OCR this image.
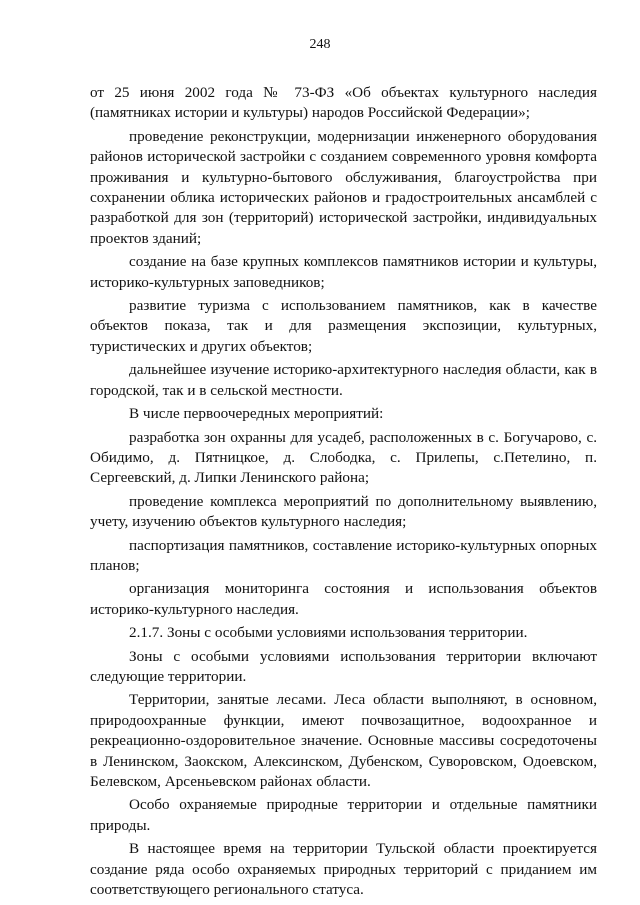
248

от 25 июня 2002 года № 73-ФЗ «Об объектах культурного наследия (памятниках истории и культуры) народов Российской Федерации»;

проведение реконструкции, модернизации инженерного оборудования районов исторической застройки с созданием современного уровня комфорта проживания и культурно-бытового обслуживания, благоустройства при сохранении облика исторических районов и градостроительных ансамблей с разработкой для зон (территорий) исторической застройки, индивидуальных проектов зданий;

создание на базе крупных комплексов памятников истории и культуры, историко-культурных заповедников;

развитие туризма с использованием памятников, как в качестве объектов показа, так и для размещения экспозиции, культурных, туристических и других объектов;

дальнейшее изучение историко-архитектурного наследия области, как в городской, так и в сельской местности.

В числе первоочередных мероприятий:

разработка зон охранны для усадеб, расположенных в с. Богучарово, с. Обидимо, д. Пятницкое, д. Слободка, с. Прилепы, с.Петелино, п. Сергеевский, д. Липки Ленинского района;

проведение комплекса мероприятий по дополнительному выявлению, учету, изучению объектов культурного наследия;

паспортизация памятников, составление историко-культурных опорных планов;

организация мониторинга состояния и использования объектов историко-культурного наследия.

2.1.7. Зоны с особыми условиями использования территории.

Зоны с особыми условиями использования территории включают следующие территории.

Территории, занятые лесами. Леса области выполняют, в основном, природоохранные функции, имеют почвозащитное, водоохранное и рекреационно-оздоровительное значение. Основные массивы сосредоточены в Ленинском, Заокском, Алексинском, Дубенском, Суворовском, Одоевском, Белевском, Арсеньевском районах области.

Особо охраняемые природные территории и отдельные памятники природы.

В настоящее время на территории Тульской области проектируется создание ряда особо охраняемых природных территорий с приданием им соответствующего регионального статуса.
